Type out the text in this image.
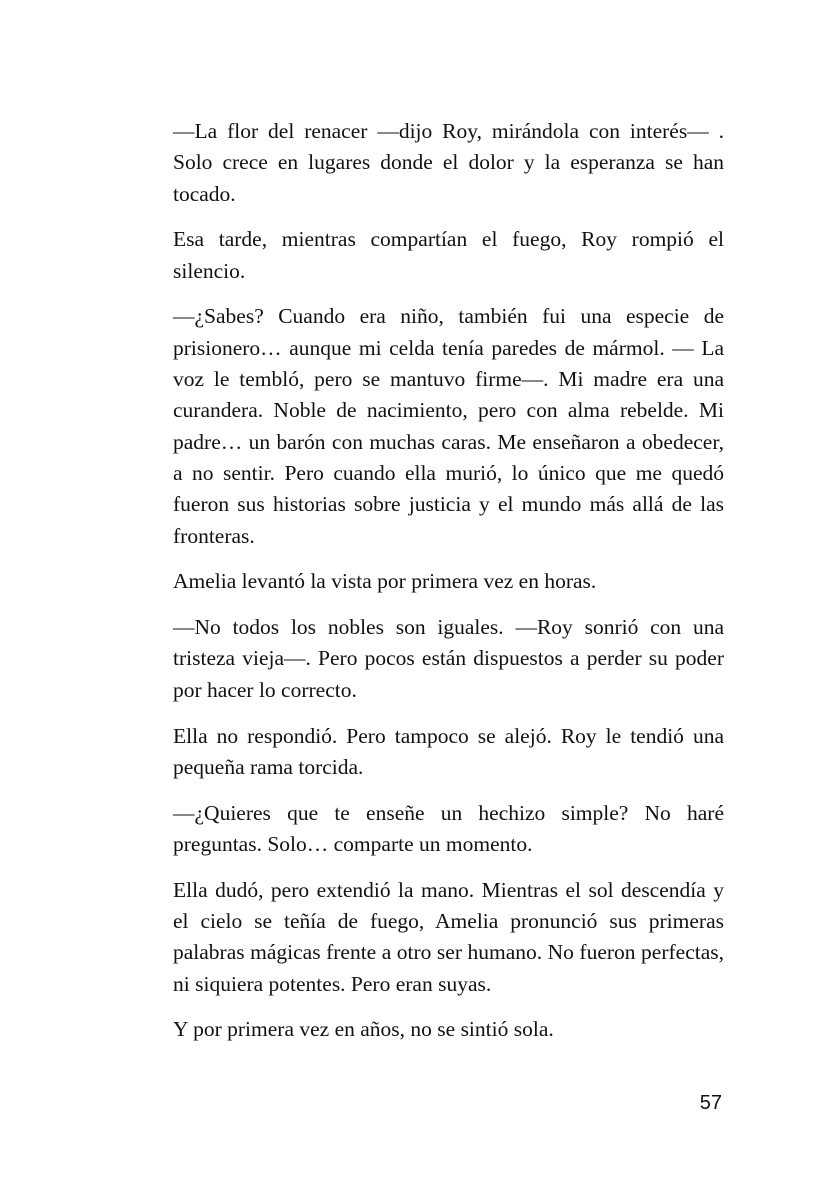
—La flor del renacer —dijo Roy, mirándola con interés— . Solo crece en lugares donde el dolor y la esperanza se han tocado.

Esa tarde, mientras compartían el fuego, Roy rompió el silencio.

—¿Sabes? Cuando era niño, también fui una especie de prisionero… aunque mi celda tenía paredes de mármol. — La voz le tembló, pero se mantuvo firme—. Mi madre era una curandera. Noble de nacimiento, pero con alma rebelde. Mi padre… un barón con muchas caras. Me enseñaron a obedecer, a no sentir. Pero cuando ella murió, lo único que me quedó fueron sus historias sobre justicia y el mundo más allá de las fronteras.

Amelia levantó la vista por primera vez en horas.

—No todos los nobles son iguales. —Roy sonrió con una tristeza vieja—. Pero pocos están dispuestos a perder su poder por hacer lo correcto.

Ella no respondió. Pero tampoco se alejó. Roy le tendió una pequeña rama torcida.

—¿Quieres que te enseñe un hechizo simple? No haré preguntas. Solo… comparte un momento.

Ella dudó, pero extendió la mano. Mientras el sol descendía y el cielo se teñía de fuego, Amelia pronunció sus primeras palabras mágicas frente a otro ser humano. No fueron perfectas, ni siquiera potentes. Pero eran suyas.

Y por primera vez en años, no se sintió sola.

57
